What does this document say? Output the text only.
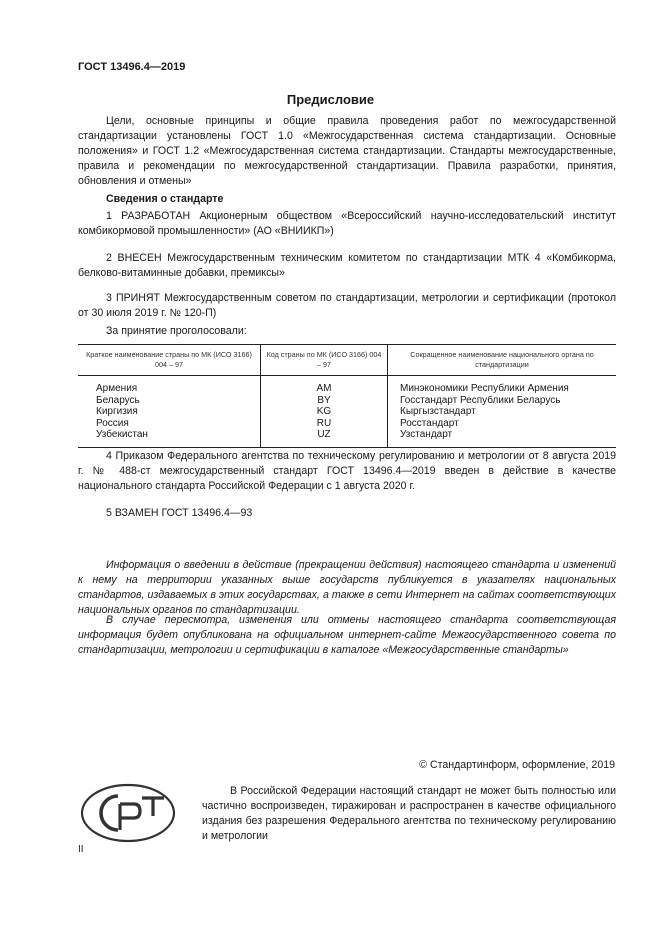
ГОСТ 13496.4—2019
Предисловие
Цели, основные принципы и общие правила проведения работ по межгосударственной стандартизации установлены ГОСТ 1.0 «Межгосударственная система стандартизации. Основные положения» и ГОСТ 1.2 «Межгосударственная система стандартизации. Стандарты межгосударственные, правила и рекомендации по межгосударственной стандартизации. Правила разработки, принятия, обновления и отмены»
Сведения о стандарте
1 РАЗРАБОТАН Акционерным обществом «Всероссийский научно-исследовательский институт комбикормовой промышленности» (АО «ВНИИКП»)
2 ВНЕСЕН Межгосударственным техническим комитетом по стандартизации МТК 4 «Комбикорма, белково-витаминные добавки, премиксы»
3 ПРИНЯТ Межгосударственным советом по стандартизации, метрологии и сертификации (протокол от 30 июля 2019 г. № 120-П)
За принятие проголосовали:
Краткое наименование страны по МК (ИСО 3166) 004 – 97	Код страны по МК (ИСО 3166) 004 – 97	Сокращенное наименование национального органа по стандартизации
Армения	AM	Минэкономики Республики Армения
Беларусь	BY	Госстандарт Республики Беларусь
Киргизия	KG	Кыргызстандарт
Россия	RU	Росстандарт
Узбекистан	UZ	Узстандарт
4 Приказом Федерального агентства по техническому регулированию и метрологии от 8 августа 2019 г. № 488-ст межгосударственный стандарт ГОСТ 13496.4—2019 введен в действие в качестве национального стандарта Российской Федерации с 1 августа 2020 г.
5 ВЗАМЕН ГОСТ 13496.4—93
Информация о введении в действие (прекращении действия) настоящего стандарта и изменений к нему на территории указанных выше государств публикуется в указателях национальных стандартов, издаваемых в этих государствах, а также в сети Интернет на сайтах соответствующих национальных органов по стандартизации.
В случае пересмотра, изменения или отмены настоящего стандарта соответствующая информация будет опубликована на официальном интернет-сайте Межгосударственного совета по стандартизации, метрологии и сертификации в каталоге «Межгосударственные стандарты»
© Стандартинформ, оформление, 2019
В Российской Федерации настоящий стандарт не может быть полностью или частично воспроизведен, тиражирован и распространен в качестве официального издания без разрешения Федерального агентства по техническому регулированию и метрологии
II
